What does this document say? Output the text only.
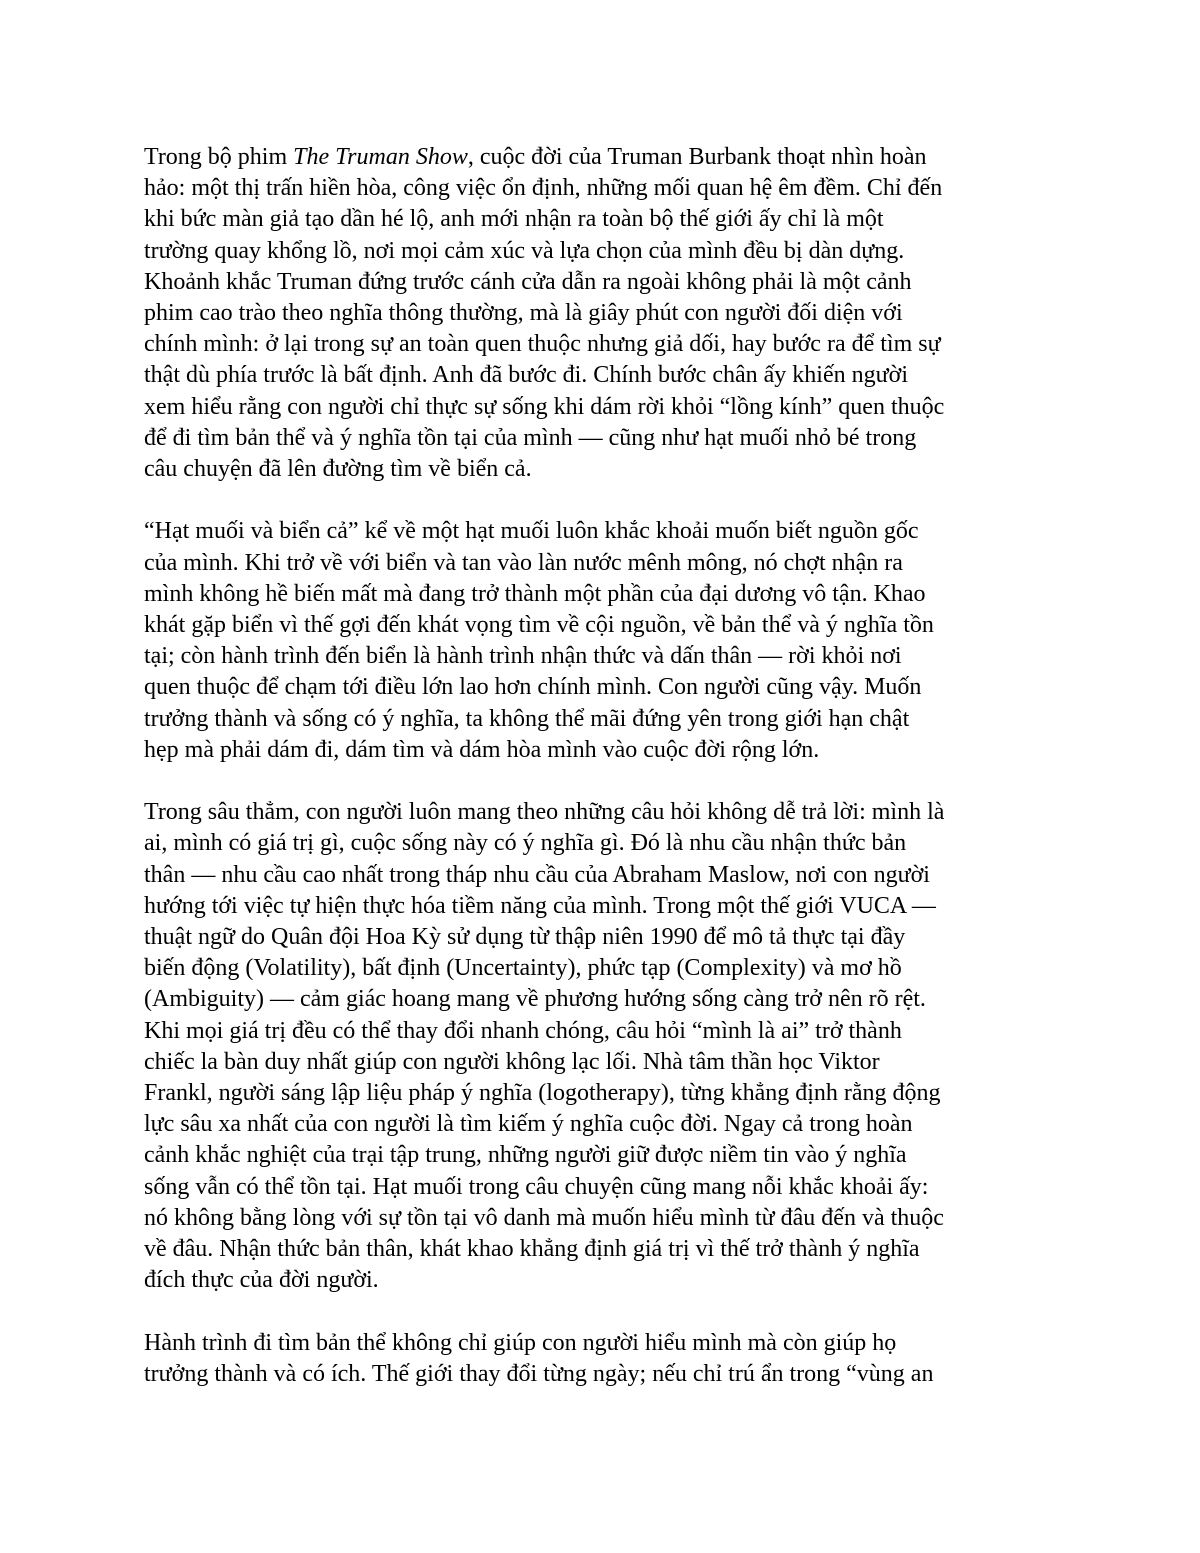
Trong bộ phim The Truman Show, cuộc đời của Truman Burbank thoạt nhìn hoàn
hảo: một thị trấn hiền hòa, công việc ổn định, những mối quan hệ êm đềm. Chỉ đến
khi bức màn giả tạo dần hé lộ, anh mới nhận ra toàn bộ thế giới ấy chỉ là một
trường quay khổng lồ, nơi mọi cảm xúc và lựa chọn của mình đều bị dàn dựng.
Khoảnh khắc Truman đứng trước cánh cửa dẫn ra ngoài không phải là một cảnh
phim cao trào theo nghĩa thông thường, mà là giây phút con người đối diện với
chính mình: ở lại trong sự an toàn quen thuộc nhưng giả dối, hay bước ra để tìm sự
thật dù phía trước là bất định. Anh đã bước đi. Chính bước chân ấy khiến người
xem hiểu rằng con người chỉ thực sự sống khi dám rời khỏi “lồng kính” quen thuộc
để đi tìm bản thể và ý nghĩa tồn tại của mình — cũng như hạt muối nhỏ bé trong
câu chuyện đã lên đường tìm về biển cả.
“Hạt muối và biển cả” kể về một hạt muối luôn khắc khoải muốn biết nguồn gốc
của mình. Khi trở về với biển và tan vào làn nước mênh mông, nó chợt nhận ra
mình không hề biến mất mà đang trở thành một phần của đại dương vô tận. Khao
khát gặp biển vì thế gợi đến khát vọng tìm về cội nguồn, về bản thể và ý nghĩa tồn
tại; còn hành trình đến biển là hành trình nhận thức và dấn thân — rời khỏi nơi
quen thuộc để chạm tới điều lớn lao hơn chính mình. Con người cũng vậy. Muốn
trưởng thành và sống có ý nghĩa, ta không thể mãi đứng yên trong giới hạn chật
hẹp mà phải dám đi, dám tìm và dám hòa mình vào cuộc đời rộng lớn.
Trong sâu thẳm, con người luôn mang theo những câu hỏi không dễ trả lời: mình là
ai, mình có giá trị gì, cuộc sống này có ý nghĩa gì. Đó là nhu cầu nhận thức bản
thân — nhu cầu cao nhất trong tháp nhu cầu của Abraham Maslow, nơi con người
hướng tới việc tự hiện thực hóa tiềm năng của mình. Trong một thế giới VUCA —
thuật ngữ do Quân đội Hoa Kỳ sử dụng từ thập niên 1990 để mô tả thực tại đầy
biến động (Volatility), bất định (Uncertainty), phức tạp (Complexity) và mơ hồ
(Ambiguity) — cảm giác hoang mang về phương hướng sống càng trở nên rõ rệt.
Khi mọi giá trị đều có thể thay đổi nhanh chóng, câu hỏi “mình là ai” trở thành
chiếc la bàn duy nhất giúp con người không lạc lối. Nhà tâm thần học Viktor
Frankl, người sáng lập liệu pháp ý nghĩa (logotherapy), từng khẳng định rằng động
lực sâu xa nhất của con người là tìm kiếm ý nghĩa cuộc đời. Ngay cả trong hoàn
cảnh khắc nghiệt của trại tập trung, những người giữ được niềm tin vào ý nghĩa
sống vẫn có thể tồn tại. Hạt muối trong câu chuyện cũng mang nỗi khắc khoải ấy:
nó không bằng lòng với sự tồn tại vô danh mà muốn hiểu mình từ đâu đến và thuộc
về đâu. Nhận thức bản thân, khát khao khẳng định giá trị vì thế trở thành ý nghĩa
đích thực của đời người.
Hành trình đi tìm bản thể không chỉ giúp con người hiểu mình mà còn giúp họ
trưởng thành và có ích. Thế giới thay đổi từng ngày; nếu chỉ trú ẩn trong “vùng an
